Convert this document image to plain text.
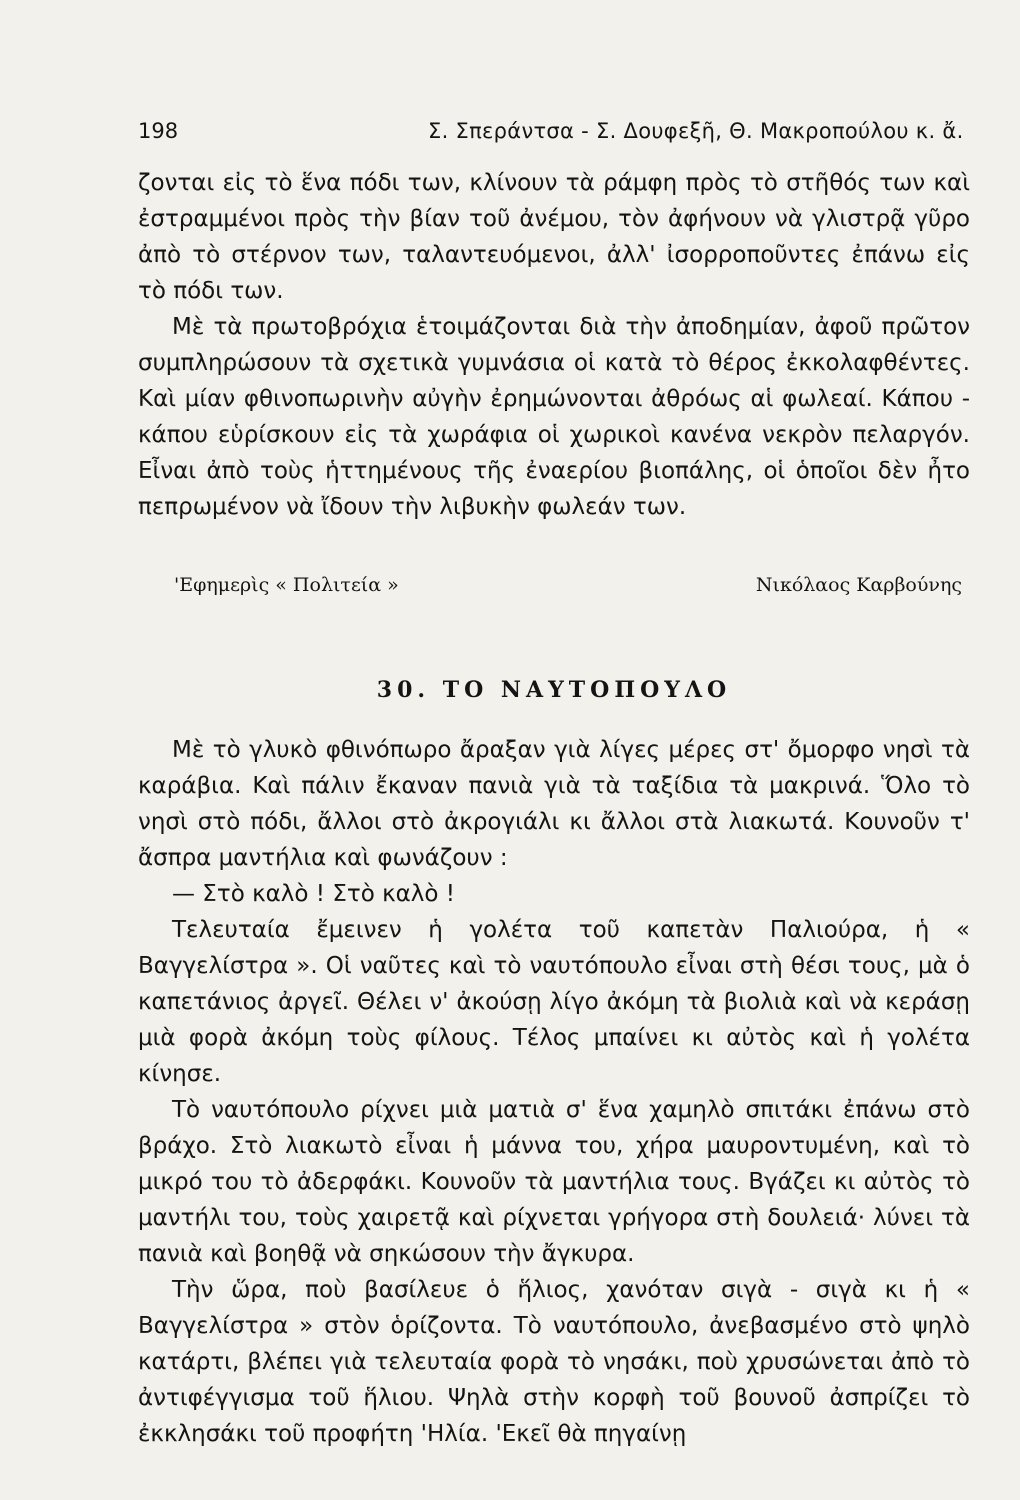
198	Σ. Σπεράντσα - Σ. Δουφεξῆ, Θ. Μακροπούλου κ. ἄ.

ζονται εἰς τὸ ἕνα πόδι των, κλίνουν τὰ ράμφη πρὸς τὸ στῆθός των καὶ ἐστραμμένοι πρὸς τὴν βίαν τοῦ ἀνέμου, τὸν ἀφήνουν νὰ γλιστρᾷ γῦρο ἀπὸ τὸ στέρνον των, ταλαντευόμενοι, ἀλλ' ἰσορροποῦντες ἐπάνω εἰς τὸ πόδι των.

Μὲ τὰ πρωτοβρόχια ἑτοιμάζονται διὰ τὴν ἀποδημίαν, ἀφοῦ πρῶτον συμπληρώσουν τὰ σχετικὰ γυμνάσια οἱ κατὰ τὸ θέρος ἐκκολαφθέντες. Καὶ μίαν φθινοπωρινὴν αὐγὴν ἐρημώνονται ἀθρόως αἱ φωλεαί. Κάπου - κάπου εὑρίσκουν εἰς τὰ χωράφια οἱ χωρικοὶ κανένα νεκρὸν πελαργόν. Εἶναι ἀπὸ τοὺς ἡττημένους τῆς ἐναερίου βιοπάλης, οἱ ὁποῖοι δὲν ἦτο πεπρωμένον νὰ ἴδουν τὴν λιβυκὴν φωλεάν των.

'Εφημερὶς « Πολιτεία »	Νικόλαος Καρβούνης
30. ΤΟ ΝΑΥΤΟΠΟΥΛΟ

Μὲ τὸ γλυκὸ φθινόπωρο ἄραξαν γιὰ λίγες μέρες στ' ὄμορφο νησὶ τὰ καράβια. Καὶ πάλιν ἔκαναν πανιὰ γιὰ τὰ ταξίδια τὰ μακρινά. Ὅλο τὸ νησὶ στὸ πόδι, ἄλλοι στὸ ἀκρογιάλι κι ἄλλοι στὰ λιακωτά. Κουνοῦν τ' ἄσπρα μαντήλια καὶ φωνάζουν :

— Στὸ καλὸ ! Στὸ καλὸ !

Τελευταία ἔμεινεν ἡ γολέτα τοῦ καπετὰν Παλιούρα, ἡ « Βαγγελίστρα ». Οἱ ναῦτες καὶ τὸ ναυτόπουλο εἶναι στὴ θέσι τους, μὰ ὁ καπετάνιος ἀργεῖ. Θέλει ν' ἀκούσῃ λίγο ἀκόμη τὰ βιολιὰ καὶ νὰ κεράσῃ μιὰ φορὰ ἀκόμη τοὺς φίλους. Τέλος μπαίνει κι αὐτὸς καὶ ἡ γολέτα κίνησε.

Τὸ ναυτόπουλο ρίχνει μιὰ ματιὰ σ' ἕνα χαμηλὸ σπιτάκι ἐπάνω στὸ βράχο. Στὸ λιακωτὸ εἶναι ἡ μάννα του, χήρα μαυροντυμένη, καὶ τὸ μικρό του τὸ ἀδερφάκι. Κουνοῦν τὰ μαντήλια τους. Βγάζει κι αὐτὸς τὸ μαντήλι του, τοὺς χαιρετᾷ καὶ ρίχνεται γρήγορα στὴ δουλειά· λύνει τὰ πανιὰ καὶ βοηθᾷ νὰ σηκώσουν τὴν ἄγκυρα.

Τὴν ὥρα, ποὺ βασίλευε ὁ ἥλιος, χανόταν σιγὰ - σιγὰ κι ἡ « Βαγγελίστρα » στὸν ὁρίζοντα. Τὸ ναυτόπουλο, ἀνεβασμένο στὸ ψηλὸ κατάρτι, βλέπει γιὰ τελευταία φορὰ τὸ νησάκι, ποὺ χρυσώνεται ἀπὸ τὸ ἀντιφέγγισμα τοῦ ἥλιου. Ψηλὰ στὴν κορφὴ τοῦ βουνοῦ ἀσπρίζει τὸ ἐκκλησάκι τοῦ προφήτη 'Ηλία. 'Εκεῖ θὰ πηγαίνῃ
